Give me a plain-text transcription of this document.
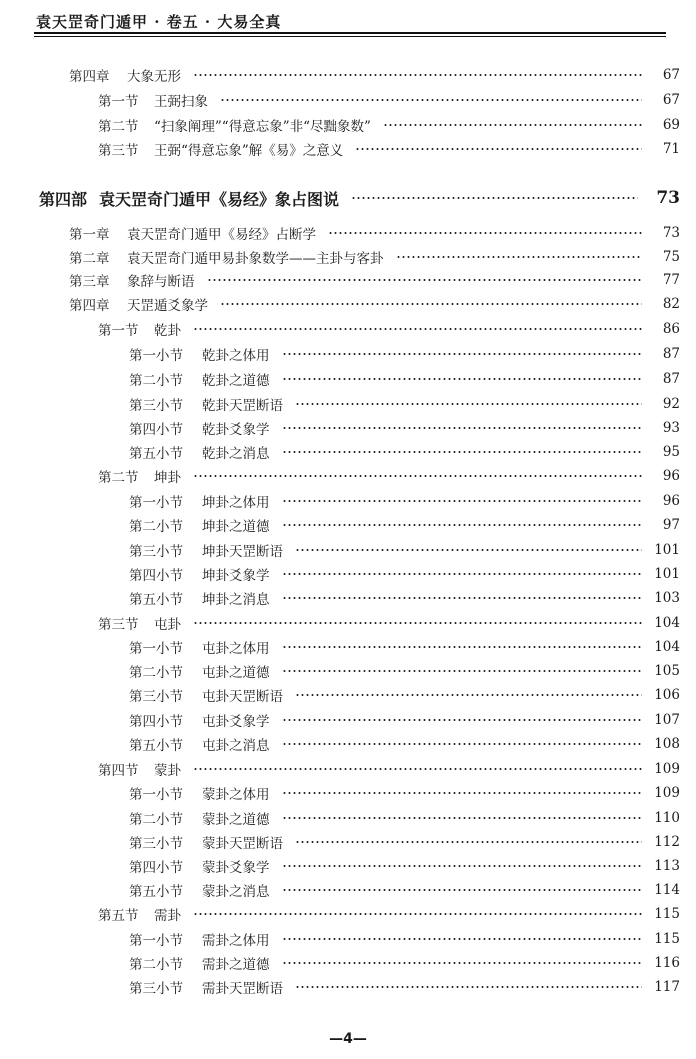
袁天罡奇门遁甲 · 卷五 · 大易全真
第四章	大象无形	67
第一节	王弼扫象	67
第二节	“扫象阐理”“得意忘象”非“尽黜象数”	69
第三节	王弼“得意忘象”解《易》之意义	71
第四部 袁天罡奇门遁甲《易经》象占图说	73
第一章	袁天罡奇门遁甲《易经》占断学	73
第二章	袁天罡奇门遁甲易卦象数学——主卦与客卦	75
第三章	象辞与断语	77
第四章	天罡遁爻象学	82
第一节	乾卦	86
第一小节	乾卦之体用	87
第二小节	乾卦之道德	87
第三小节	乾卦天罡断语	92
第四小节	乾卦爻象学	93
第五小节	乾卦之消息	95
第二节	坤卦	96
第一小节	坤卦之体用	96
第二小节	坤卦之道德	97
第三小节	坤卦天罡断语	101
第四小节	坤卦爻象学	101
第五小节	坤卦之消息	103
第三节	屯卦	104
第一小节	屯卦之体用	104
第二小节	屯卦之道德	105
第三小节	屯卦天罡断语	106
第四小节	屯卦爻象学	107
第五小节	屯卦之消息	108
第四节	蒙卦	109
第一小节	蒙卦之体用	109
第二小节	蒙卦之道德	110
第三小节	蒙卦天罡断语	112
第四小节	蒙卦爻象学	113
第五小节	蒙卦之消息	114
第五节	需卦	115
第一小节	需卦之体用	115
第二小节	需卦之道德	116
第三小节	需卦天罡断语	117
—4—
